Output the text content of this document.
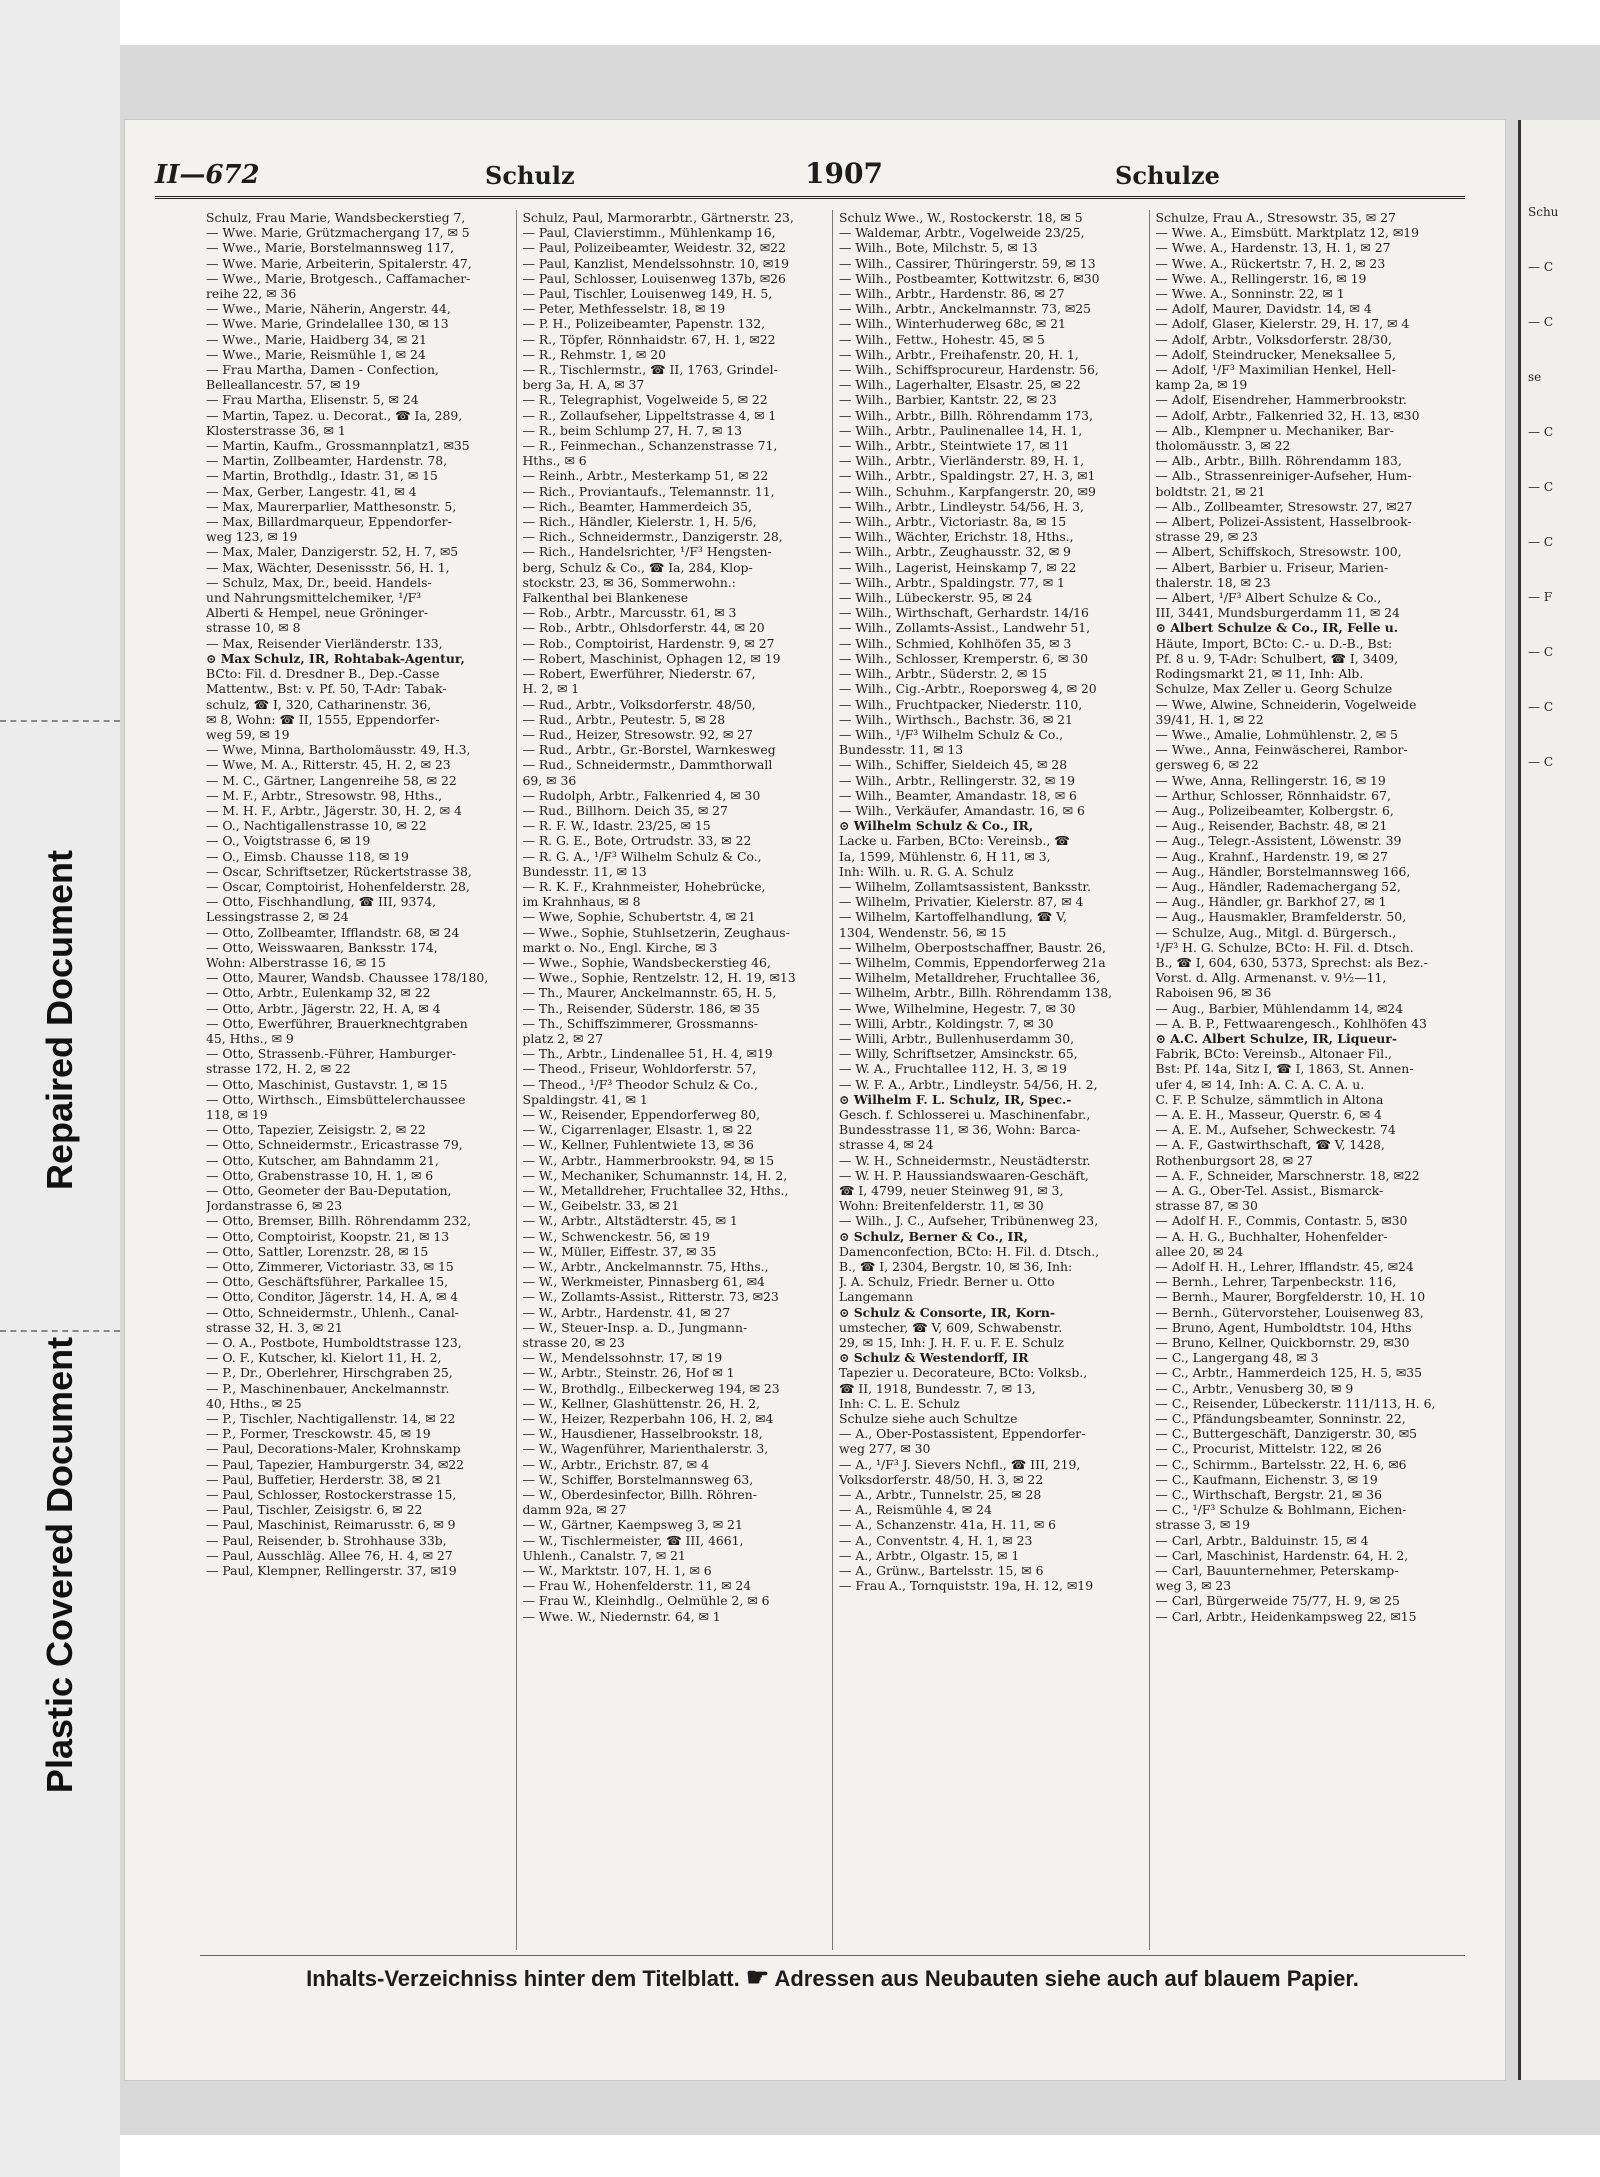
Repaired Document
Plastic Covered Document
Schu
— C
— C
se
— C
— C
— C
— F
— C
— C
— C
II—672	Schulz	1907	Schulze

Schulz, Frau Marie, Wandsbeckerstieg 7,

— Wwe. Marie, Grützmachergang 17, ✉ 5

— Wwe., Marie, Borstelmannsweg 117,

— Wwe. Marie, Arbeiterin, Spitalerstr. 47,

— Wwe., Marie, Brotgesch., Caffamacher-

reihe 22, ✉ 36

— Wwe., Marie, Näherin, Angerstr. 44,

— Wwe. Marie, Grindelallee 130, ✉ 13

— Wwe., Marie, Haidberg 34, ✉ 21

— Wwe., Marie, Reismühle 1, ✉ 24

— Frau Martha, Damen - Confection,

Belleallancestr. 57, ✉ 19

— Frau Martha, Elisenstr. 5, ✉ 24

— Martin, Tapez. u. Decorat., ☎ Ia, 289,

Klosterstrasse 36, ✉ 1

— Martin, Kaufm., Grossmannplatz1, ✉35

— Martin, Zollbeamter, Hardenstr. 78,

— Martin, Brothdlg., Idastr. 31, ✉ 15

— Max, Gerber, Langestr. 41, ✉ 4

— Max, Maurerparlier, Matthesonstr. 5,

— Max, Billardmarqueur, Eppendorfer-

weg 123, ✉ 19

— Max, Maler, Danzigerstr. 52, H. 7, ✉5

— Max, Wächter, Desenissstr. 56, H. 1,

— Schulz, Max, Dr., beeid. Handels-

und Nahrungsmittelchemiker, ¹/F³

Alberti & Hempel, neue Gröninger-

strasse 10, ✉ 8

— Max, Reisender Vierländerstr. 133,

⊙ Max Schulz, IR, Rohtabak-Agentur,

BCto: Fil. d. Dresdner B., Dep.-Casse

Mattentw., Bst: v. Pf. 50, T-Adr: Tabak-

schulz, ☎ I, 320, Catharinenstr. 36,

✉ 8, Wohn: ☎ II, 1555, Eppendorfer-

weg 59, ✉ 19

— Wwe, Minna, Bartholomäusstr. 49, H.3,

— Wwe, M. A., Ritterstr. 45, H. 2, ✉ 23

— M. C., Gärtner, Langenreihe 58, ✉ 22

— M. F., Arbtr., Stresowstr. 98, Hths.,

— M. H. F., Arbtr., Jägerstr. 30, H. 2, ✉ 4

— O., Nachtigallenstrasse 10, ✉ 22

— O., Voigtstrasse 6, ✉ 19

— O., Eimsb. Chausse 118, ✉ 19

— Oscar, Schriftsetzer, Rückertstrasse 38,

— Oscar, Comptoirist, Hohenfelderstr. 28,

— Otto, Fischhandlung, ☎ III, 9374,

Lessingstrasse 2, ✉ 24

— Otto, Zollbeamter, Ifflandstr. 68, ✉ 24

— Otto, Weisswaaren, Banksstr. 174,

Wohn: Alberstrasse 16, ✉ 15

— Otto, Maurer, Wandsb. Chaussee 178/180,

— Otto, Arbtr., Eulenkamp 32, ✉ 22

— Otto, Arbtr., Jägerstr. 22, H. A, ✉ 4

— Otto, Ewerführer, Brauerknechtgraben

45, Hths., ✉ 9

— Otto, Strassenb.-Führer, Hamburger-

strasse 172, H. 2, ✉ 22

— Otto, Maschinist, Gustavstr. 1, ✉ 15

— Otto, Wirthsch., Eimsbüttelerchaussee

118, ✉ 19

— Otto, Tapezier, Zeisigstr. 2, ✉ 22

— Otto, Schneidermstr., Ericastrasse 79,

— Otto, Kutscher, am Bahndamm 21,

— Otto, Grabenstrasse 10, H. 1, ✉ 6

— Otto, Geometer der Bau-Deputation,

Jordanstrasse 6, ✉ 23

— Otto, Bremser, Billh. Röhrendamm 232,

— Otto, Comptoirist, Koopstr. 21, ✉ 13

— Otto, Sattler, Lorenzstr. 28, ✉ 15

— Otto, Zimmerer, Victoriastr. 33, ✉ 15

— Otto, Geschäftsführer, Parkallee 15,

— Otto, Conditor, Jägerstr. 14, H. A, ✉ 4

— Otto, Schneidermstr., Uhlenh., Canal-

strasse 32, H. 3, ✉ 21

— O. A., Postbote, Humboldtstrasse 123,

— O. F., Kutscher, kl. Kielort 11, H. 2,

— P., Dr., Oberlehrer, Hirschgraben 25,

— P., Maschinenbauer, Anckelmannstr.

40, Hths., ✉ 25

— P., Tischler, Nachtigallenstr. 14, ✉ 22

— P., Former, Tresckowstr. 45, ✉ 19

— Paul, Decorations-Maler, Krohnskamp

— Paul, Tapezier, Hamburgerstr. 34, ✉22

— Paul, Buffetier, Herderstr. 38, ✉ 21

— Paul, Schlosser, Rostockerstrasse 15,

— Paul, Tischler, Zeisigstr. 6, ✉ 22

— Paul, Maschinist, Reimarusstr. 6, ✉ 9

— Paul, Reisender, b. Strohhause 33b,

— Paul, Ausschläg. Allee 76, H. 4, ✉ 27

— Paul, Klempner, Rellingerstr. 37, ✉19

Schulz, Paul, Marmorarbtr., Gärtnerstr. 23,

— Paul, Clavierstimm., Mühlenkamp 16,

— Paul, Polizeibeamter, Weidestr. 32, ✉22

— Paul, Kanzlist, Mendelssohnstr. 10, ✉19

— Paul, Schlosser, Louisenweg 137b, ✉26

— Paul, Tischler, Louisenweg 149, H. 5,

— Peter, Methfesselstr. 18, ✉ 19

— P. H., Polizeibeamter, Papenstr. 132,

— R., Töpfer, Rönnhaidstr. 67, H. 1, ✉22

— R., Rehmstr. 1, ✉ 20

— R., Tischlermstr., ☎ II, 1763, Grindel-

berg 3a, H. A, ✉ 37

— R., Telegraphist, Vogelweide 5, ✉ 22

— R., Zollaufseher, Lippeltstrasse 4, ✉ 1

— R., beim Schlump 27, H. 7, ✉ 13

— R., Feinmechan., Schanzenstrasse 71,

Hths., ✉ 6

— Reinh., Arbtr., Mesterkamp 51, ✉ 22

— Rich., Proviantaufs., Telemannstr. 11,

— Rich., Beamter, Hammerdeich 35,

— Rich., Händler, Kielerstr. 1, H. 5/6,

— Rich., Schneidermstr., Danzigerstr. 28,

— Rich., Handelsrichter, ¹/F³ Hengsten-

berg, Schulz & Co., ☎ Ia, 284, Klop-

stockstr. 23, ✉ 36, Sommerwohn.:

Falkenthal bei Blankenese

— Rob., Arbtr., Marcusstr. 61, ✉ 3

— Rob., Arbtr., Ohlsdorferstr. 44, ✉ 20

— Rob., Comptoirist, Hardenstr. 9, ✉ 27

— Robert, Maschinist, Ophagen 12, ✉ 19

— Robert, Ewerführer, Niederstr. 67,

H. 2, ✉ 1

— Rud., Arbtr., Volksdorferstr. 48/50,

— Rud., Arbtr., Peutestr. 5, ✉ 28

— Rud., Heizer, Stresowstr. 92, ✉ 27

— Rud., Arbtr., Gr.-Borstel, Warnkesweg

— Rud., Schneidermstr., Dammthorwall

69, ✉ 36

— Rudolph, Arbtr., Falkenried 4, ✉ 30

— Rud., Billhorn. Deich 35, ✉ 27

— R. F. W., Idastr. 23/25, ✉ 15

— R. G. E., Bote, Ortrudstr. 33, ✉ 22

— R. G. A., ¹/F³ Wilhelm Schulz & Co.,

Bundesstr. 11, ✉ 13

— R. K. F., Krahnmeister, Hohebrücke,

im Krahnhaus, ✉ 8

— Wwe, Sophie, Schubertstr. 4, ✉ 21

— Wwe., Sophie, Stuhlsetzerin, Zeughaus-

markt o. No., Engl. Kirche, ✉ 3

— Wwe., Sophie, Wandsbeckerstieg 46,

— Wwe., Sophie, Rentzelstr. 12, H. 19, ✉13

— Th., Maurer, Anckelmannstr. 65, H. 5,

— Th., Reisender, Süderstr. 186, ✉ 35

— Th., Schiffszimmerer, Grossmanns-

platz 2, ✉ 27

— Th., Arbtr., Lindenallee 51, H. 4, ✉19

— Theod., Friseur, Wohldorferstr. 57,

— Theod., ¹/F³ Theodor Schulz & Co.,

Spaldingstr. 41, ✉ 1

— W., Reisender, Eppendorferweg 80,

— W., Cigarrenlager, Elsastr. 1, ✉ 22

— W., Kellner, Fuhlentwiete 13, ✉ 36

— W., Arbtr., Hammerbrookstr. 94, ✉ 15

— W., Mechaniker, Schumannstr. 14, H. 2,

— W., Metalldreher, Fruchtallee 32, Hths.,

— W., Geibelstr. 33, ✉ 21

— W., Arbtr., Altstädterstr. 45, ✉ 1

— W., Schwenckestr. 56, ✉ 19

— W., Müller, Eiffestr. 37, ✉ 35

— W., Arbtr., Anckelmannstr. 75, Hths.,

— W., Werkmeister, Pinnasberg 61, ✉4

— W., Zollamts-Assist., Ritterstr. 73, ✉23

— W., Arbtr., Hardenstr. 41, ✉ 27

— W., Steuer-Insp. a. D., Jungmann-

strasse 20, ✉ 23

— W., Mendelssohnstr. 17, ✉ 19

— W., Arbtr., Steinstr. 26, Hof ✉ 1

— W., Brothdlg., Eilbeckerweg 194, ✉ 23

— W., Kellner, Glashüttenstr. 26, H. 2,

— W., Heizer, Rezperbahn 106, H. 2, ✉4

— W., Hausdiener, Hasselbrookstr. 18,

— W., Wagenführer, Marienthalerstr. 3,

— W., Arbtr., Erichstr. 87, ✉ 4

— W., Schiffer, Borstelmannsweg 63,

— W., Oberdesinfector, Billh. Röhren-

damm 92a, ✉ 27

— W., Gärtner, Kaempsweg 3, ✉ 21

— W., Tischlermeister, ☎ III, 4661,

Uhlenh., Canalstr. 7, ✉ 21

— W., Marktstr. 107, H. 1, ✉ 6

— Frau W., Hohenfelderstr. 11, ✉ 24

— Frau W., Kleinhdlg., Oelmühle 2, ✉ 6

— Wwe. W., Niedernstr. 64, ✉ 1

Schulz Wwe., W., Rostockerstr. 18, ✉ 5

— Waldemar, Arbtr., Vogelweide 23/25,

— Wilh., Bote, Milchstr. 5, ✉ 13

— Wilh., Cassirer, Thüringerstr. 59, ✉ 13

— Wilh., Postbeamter, Kottwitzstr. 6, ✉30

— Wilh., Arbtr., Hardenstr. 86, ✉ 27

— Wilh., Arbtr., Anckelmannstr. 73, ✉25

— Wilh., Winterhuderweg 68c, ✉ 21

— Wilh., Fettw., Hohestr. 45, ✉ 5

— Wilh., Arbtr., Freihafenstr. 20, H. 1,

— Wilh., Schiffsprocureur, Hardenstr. 56,

— Wilh., Lagerhalter, Elsastr. 25, ✉ 22

— Wilh., Barbier, Kantstr. 22, ✉ 23

— Wilh., Arbtr., Billh. Röhrendamm 173,

— Wilh., Arbtr., Paulinenallee 14, H. 1,

— Wilh., Arbtr., Steintwiete 17, ✉ 11

— Wilh., Arbtr., Vierländerstr. 89, H. 1,

— Wilh., Arbtr., Spaldingstr. 27, H. 3, ✉1

— Wilh., Schuhm., Karpfangerstr. 20, ✉9

— Wilh., Arbtr., Lindleystr. 54/56, H. 3,

— Wilh., Arbtr., Victoriastr. 8a, ✉ 15

— Wilh., Wächter, Erichstr. 18, Hths.,

— Wilh., Arbtr., Zeughausstr. 32, ✉ 9

— Wilh., Lagerist, Heinskamp 7, ✉ 22

— Wilh., Arbtr., Spaldingstr. 77, ✉ 1

— Wilh., Lübeckerstr. 95, ✉ 24

— Wilh., Wirthschaft, Gerhardstr. 14/16

— Wilh., Zollamts-Assist., Landwehr 51,

— Wilh., Schmied, Kohlhöfen 35, ✉ 3

— Wilh., Schlosser, Kremperstr. 6, ✉ 30

— Wilh., Arbtr., Süderstr. 2, ✉ 15

— Wilh., Cig.-Arbtr., Roeporsweg 4, ✉ 20

— Wilh., Fruchtpacker, Niederstr. 110,

— Wilh., Wirthsch., Bachstr. 36, ✉ 21

— Wilh., ¹/F³ Wilhelm Schulz & Co.,

Bundesstr. 11, ✉ 13

— Wilh., Schiffer, Sieldeich 45, ✉ 28

— Wilh., Arbtr., Rellingerstr. 32, ✉ 19

— Wilh., Beamter, Amandastr. 18, ✉ 6

— Wilh., Verkäufer, Amandastr. 16, ✉ 6

⊙ Wilhelm Schulz & Co., IR,

Lacke u. Farben, BCto: Vereinsb., ☎

Ia, 1599, Mühlenstr. 6, H 11, ✉ 3,

Inh: Wilh. u. R. G. A. Schulz

— Wilhelm, Zollamtsassistent, Banksstr.

— Wilhelm, Privatier, Kielerstr. 87, ✉ 4

— Wilhelm, Kartoffelhandlung, ☎ V,

1304, Wendenstr. 56, ✉ 15

— Wilhelm, Oberpostschaffner, Baustr. 26,

— Wilhelm, Commis, Eppendorferweg 21a

— Wilhelm, Metalldreher, Fruchtallee 36,

— Wilhelm, Arbtr., Billh. Röhrendamm 138,

— Wwe, Wilhelmine, Hegestr. 7, ✉ 30

— Willi, Arbtr., Koldingstr. 7, ✉ 30

— Willi, Arbtr., Bullenhuserdamm 30,

— Willy, Schriftsetzer, Amsinckstr. 65,

— W. A., Fruchtallee 112, H. 3, ✉ 19

— W. F. A., Arbtr., Lindleystr. 54/56, H. 2,

⊙ Wilhelm F. L. Schulz, IR, Spec.-

Gesch. f. Schlosserei u. Maschinenfabr.,

Bundesstrasse 11, ✉ 36, Wohn: Barca-

strasse 4, ✉ 24

— W. H., Schneidermstr., Neustädterstr.

— W. H. P. Haussiandswaaren-Geschäft,

☎ I, 4799, neuer Steinweg 91, ✉ 3,

Wohn: Breitenfelderstr. 11, ✉ 30

— Wilh., J. C., Aufseher, Tribünenweg 23,

⊙ Schulz, Berner & Co., IR,

Damenconfection, BCto: H. Fil. d. Dtsch.,

B., ☎ I, 2304, Bergstr. 10, ✉ 36, Inh:

J. A. Schulz, Friedr. Berner u. Otto

Langemann

⊙ Schulz & Consorte, IR, Korn-

umstecher, ☎ V, 609, Schwabenstr.

29, ✉ 15, Inh: J. H. F. u. F. E. Schulz

⊙ Schulz & Westendorff, IR

Tapezier u. Decorateure, BCto: Volksb.,

☎ II, 1918, Bundesstr. 7, ✉ 13,

Inh: C. L. E. Schulz

Schulze siehe auch Schultze

— A., Ober-Postassistent, Eppendorfer-

weg 277, ✉ 30

— A., ¹/F³ J. Sievers Nchfl., ☎ III, 219,

Volksdorferstr. 48/50, H. 3, ✉ 22

— A., Arbtr., Tunnelstr. 25, ✉ 28

— A., Reismühle 4, ✉ 24

— A., Schanzenstr. 41a, H. 11, ✉ 6

— A., Conventstr. 4, H. 1, ✉ 23

— A., Arbtr., Olgastr. 15, ✉ 1

— A., Grünw., Bartelsstr. 15, ✉ 6

— Frau A., Tornquiststr. 19a, H. 12, ✉19

Schulze, Frau A., Stresowstr. 35, ✉ 27

— Wwe. A., Eimsbütt. Marktplatz 12, ✉19

— Wwe. A., Hardenstr. 13, H. 1, ✉ 27

— Wwe. A., Rückertstr. 7, H. 2, ✉ 23

— Wwe. A., Rellingerstr. 16, ✉ 19

— Wwe. A., Sonninstr. 22, ✉ 1

— Adolf, Maurer, Davidstr. 14, ✉ 4

— Adolf, Glaser, Kielerstr. 29, H. 17, ✉ 4

— Adolf, Arbtr., Volksdorferstr. 28/30,

— Adolf, Steindrucker, Meneksallee 5,

— Adolf, ¹/F³ Maximilian Henkel, Hell-

kamp 2a, ✉ 19

— Adolf, Eisendreher, Hammerbrookstr.

— Adolf, Arbtr., Falkenried 32, H. 13, ✉30

— Alb., Klempner u. Mechaniker, Bar-

tholomäusstr. 3, ✉ 22

— Alb., Arbtr., Billh. Röhrendamm 183,

— Alb., Strassenreiniger-Aufseher, Hum-

boldtstr. 21, ✉ 21

— Alb., Zollbeamter, Stresowstr. 27, ✉27

— Albert, Polizei-Assistent, Hasselbrook-

strasse 29, ✉ 23

— Albert, Schiffskoch, Stresowstr. 100,

— Albert, Barbier u. Friseur, Marien-

thalerstr. 18, ✉ 23

— Albert, ¹/F³ Albert Schulze & Co.,

III, 3441, Mundsburgerdamm 11, ✉ 24

⊙ Albert Schulze & Co., IR, Felle u.

Häute, Import, BCto: C.- u. D.-B., Bst:

Pf. 8 u. 9, T-Adr: Schulbert, ☎ I, 3409,

Rodingsmarkt 21, ✉ 11, Inh: Alb.

Schulze, Max Zeller u. Georg Schulze

— Wwe, Alwine, Schneiderin, Vogelweide

39/41, H. 1, ✉ 22

— Wwe., Amalie, Lohmühlenstr. 2, ✉ 5

— Wwe., Anna, Feinwäscherei, Rambor-

gersweg 6, ✉ 22

— Wwe, Anna, Rellingerstr. 16, ✉ 19

— Arthur, Schlosser, Rönnhaidstr. 67,

— Aug., Polizeibeamter, Kolbergstr. 6,

— Aug., Reisender, Bachstr. 48, ✉ 21

— Aug., Telegr.-Assistent, Löwenstr. 39

— Aug., Krahnf., Hardenstr. 19, ✉ 27

— Aug., Händler, Borstelmannsweg 166,

— Aug., Händler, Rademachergang 52,

— Aug., Händler, gr. Barkhof 27, ✉ 1

— Aug., Hausmakler, Bramfelderstr. 50,

— Schulze, Aug., Mitgl. d. Bürgersch.,

¹/F³ H. G. Schulze, BCto: H. Fil. d. Dtsch.

B., ☎ I, 604, 630, 5373, Sprechst: als Bez.-

Vorst. d. Allg. Armenanst. v. 9½—11,

Raboisen 96, ✉ 36

— Aug., Barbier, Mühlendamm 14, ✉24

— A. B. P., Fettwaarengesch., Kohlhöfen 43

⊙ A.C. Albert Schulze, IR, Liqueur-

Fabrik, BCto: Vereinsb., Altonaer Fil.,

Bst: Pf. 14a, Sitz I, ☎ I, 1863, St. Annen-

ufer 4, ✉ 14, Inh: A. C. A. C. A. u.

C. F. P. Schulze, sämmtlich in Altona

— A. E. H., Masseur, Querstr. 6, ✉ 4

— A. E. M., Aufseher, Schweckestr. 74

— A. F., Gastwirthschaft, ☎ V, 1428,

Rothenburgsort 28, ✉ 27

— A. F., Schneider, Marschnerstr. 18, ✉22

— A. G., Ober-Tel. Assist., Bismarck-

strasse 87, ✉ 30

— Adolf H. F., Commis, Contastr. 5, ✉30

— A. H. G., Buchhalter, Hohenfelder-

allee 20, ✉ 24

— Adolf H. H., Lehrer, Ifflandstr. 45, ✉24

— Bernh., Lehrer, Tarpenbeckstr. 116,

— Bernh., Maurer, Borgfelderstr. 10, H. 10

— Bernh., Gütervorsteher, Louisenweg 83,

— Bruno, Agent, Humboldtstr. 104, Hths

— Bruno, Kellner, Quickbornstr. 29, ✉30

— C., Langergang 48, ✉ 3

— C., Arbtr., Hammerdeich 125, H. 5, ✉35

— C., Arbtr., Venusberg 30, ✉ 9

— C., Reisender, Lübeckerstr. 111/113, H. 6,

— C., Pfändungsbeamter, Sonninstr. 22,

— C., Buttergeschäft, Danzigerstr. 30, ✉5

— C., Procurist, Mittelstr. 122, ✉ 26

— C., Schirmm., Bartelsstr. 22, H. 6, ✉6

— C., Kaufmann, Eichenstr. 3, ✉ 19

— C., Wirthschaft, Bergstr. 21, ✉ 36

— C., ¹/F³ Schulze & Bohlmann, Eichen-

strasse 3, ✉ 19

— Carl, Arbtr., Balduinstr. 15, ✉ 4

— Carl, Maschinist, Hardenstr. 64, H. 2,

— Carl, Bauunternehmer, Peterskamp-

weg 3, ✉ 23

— Carl, Bürgerweide 75/77, H. 9, ✉ 25

— Carl, Arbtr., Heidenkampsweg 22, ✉15

Inhalts-Verzeichniss hinter dem Titelblatt. ☛ Adressen aus Neubauten siehe auch auf blauem Papier.
